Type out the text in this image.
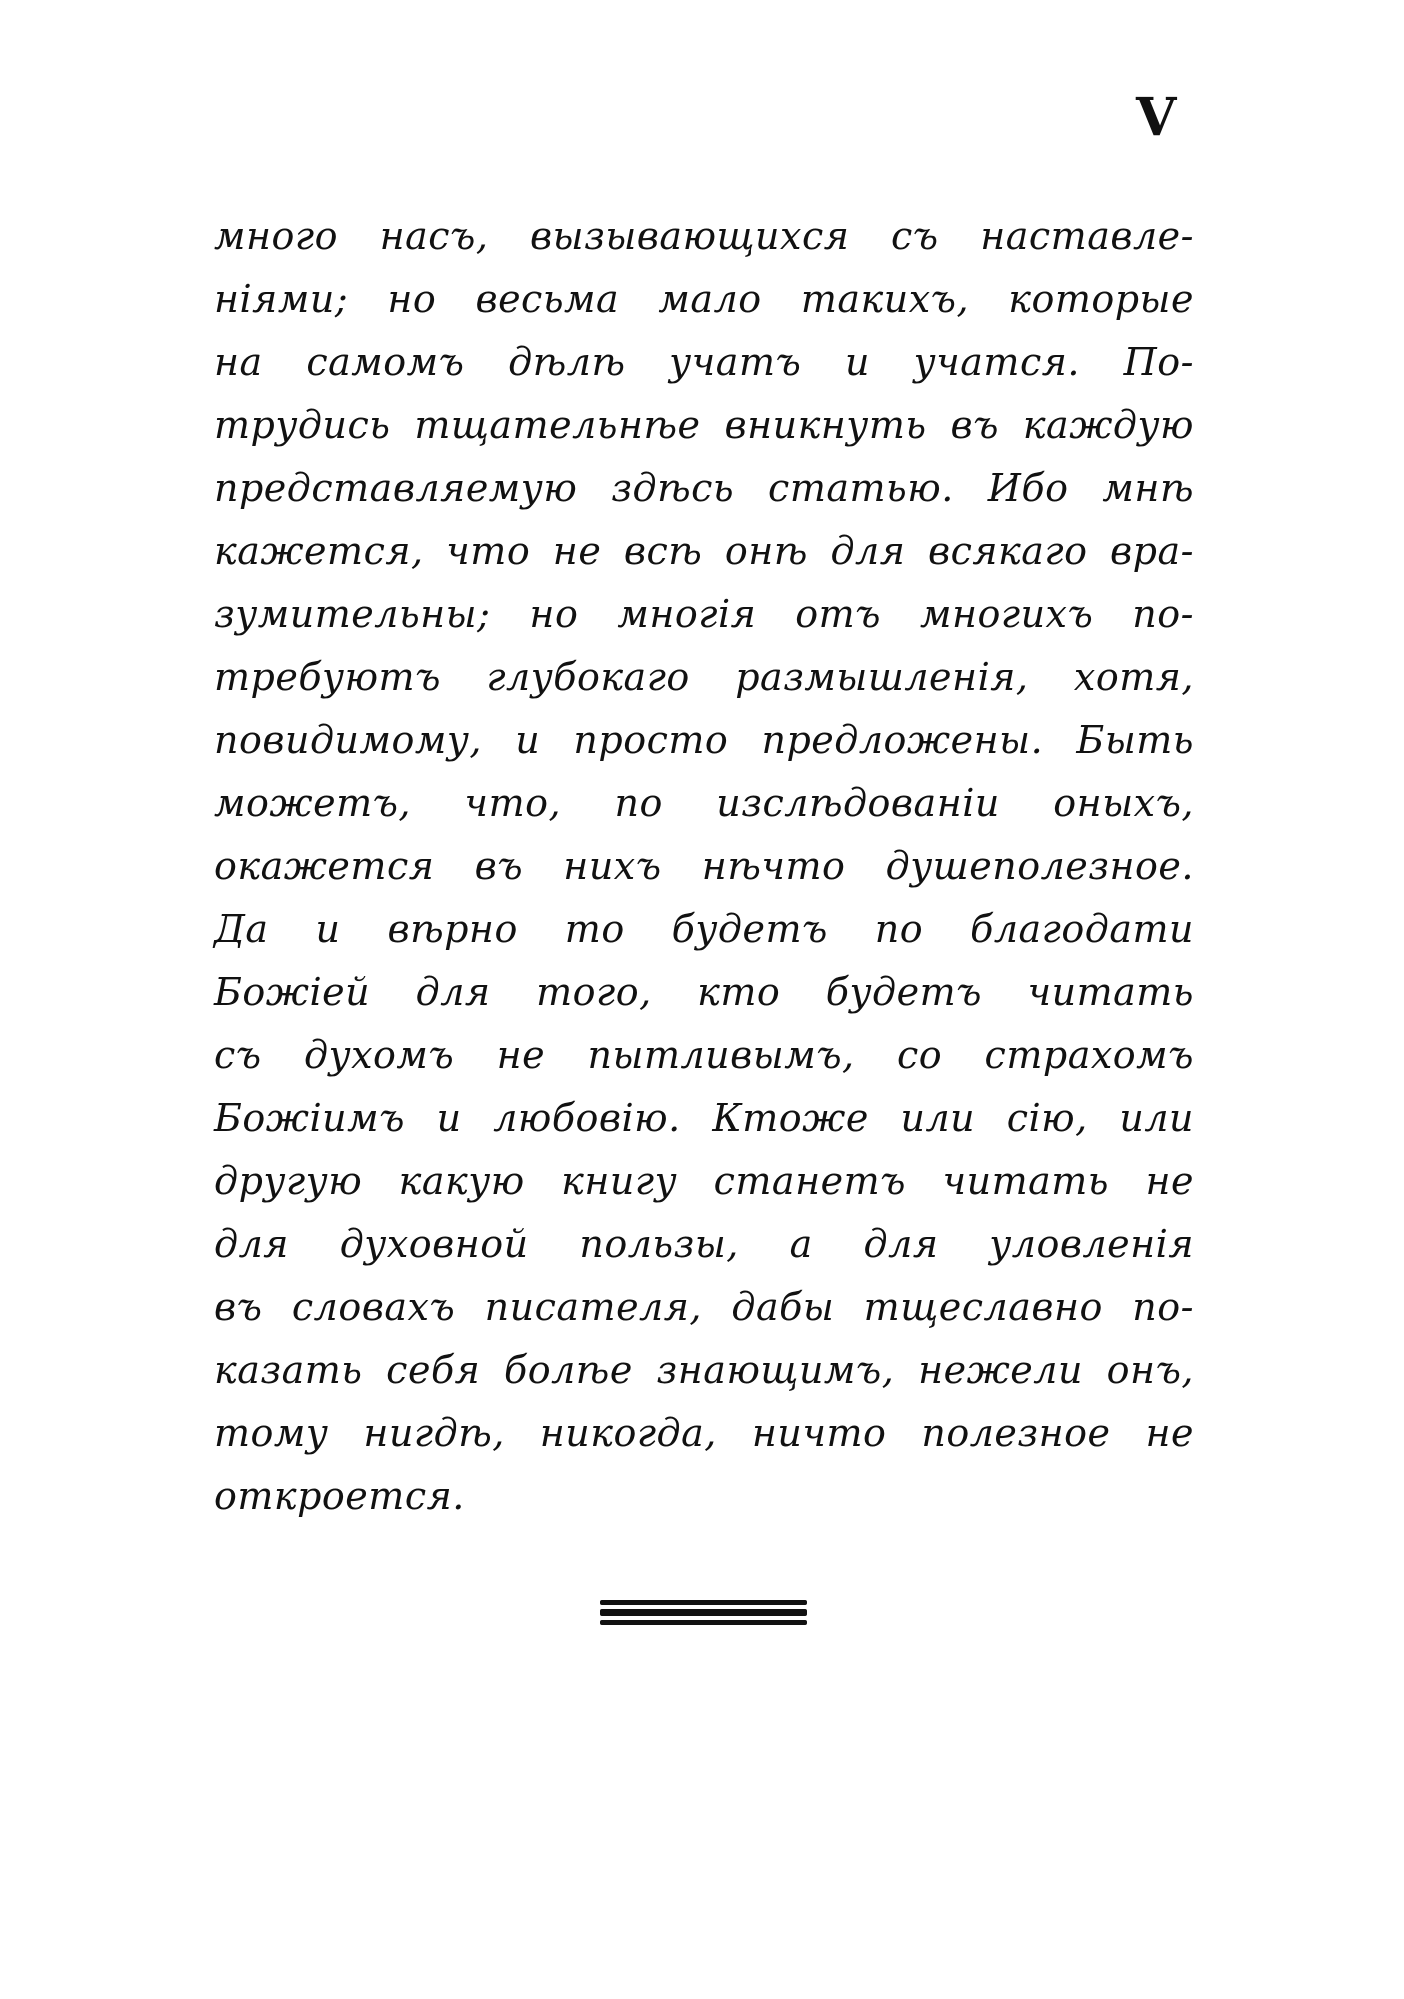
V
много насъ, вызывающихся съ наставле-
ніями; но весьма мало такихъ, которые
на самомъ дѣлѣ учатъ и учатся. По-
трудись тщательнѣе вникнуть въ каждую
представляемую здѣсь статью. Ибо мнѣ
кажется, что не всѣ онѣ для всякаго вра-
зумительны; но многія отъ многихъ по-
требуютъ глубокаго размышленія, хотя,
повидимому, и просто предложены. Быть
можетъ, что, по изслѣдованіи оныхъ,
окажется въ нихъ нѣчто душеполезное.
Да и вѣрно то будетъ по благодати
Божіей для того, кто будетъ читать
съ духомъ не пытливымъ, со страхомъ
Божіимъ и любовію. Ктоже или сію, или
другую какую книгу станетъ читать не
для духовной пользы, а для уловленія
въ словахъ писателя, дабы тщеславно по-
казать себя болѣе знающимъ, нежели онъ,
тому нигдѣ, никогда, ничто полезное не
откроется.
